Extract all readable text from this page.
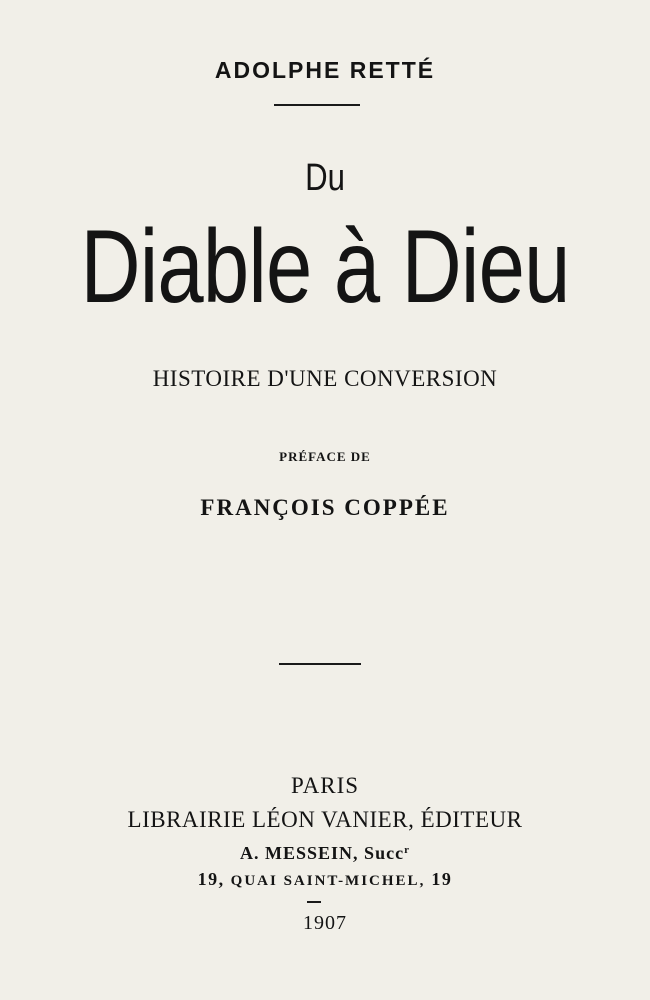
ADOLPHE RETTÉ

Du

Diable à Dieu

HISTOIRE D'UNE CONVERSION

PRÉFACE DE

FRANÇOIS COPPÉE

PARIS

LIBRAIRIE LÉON VANIER, ÉDITEUR

A. MESSEIN, Succ$^r$

19, QUAI SAINT-MICHEL, 19

1907
